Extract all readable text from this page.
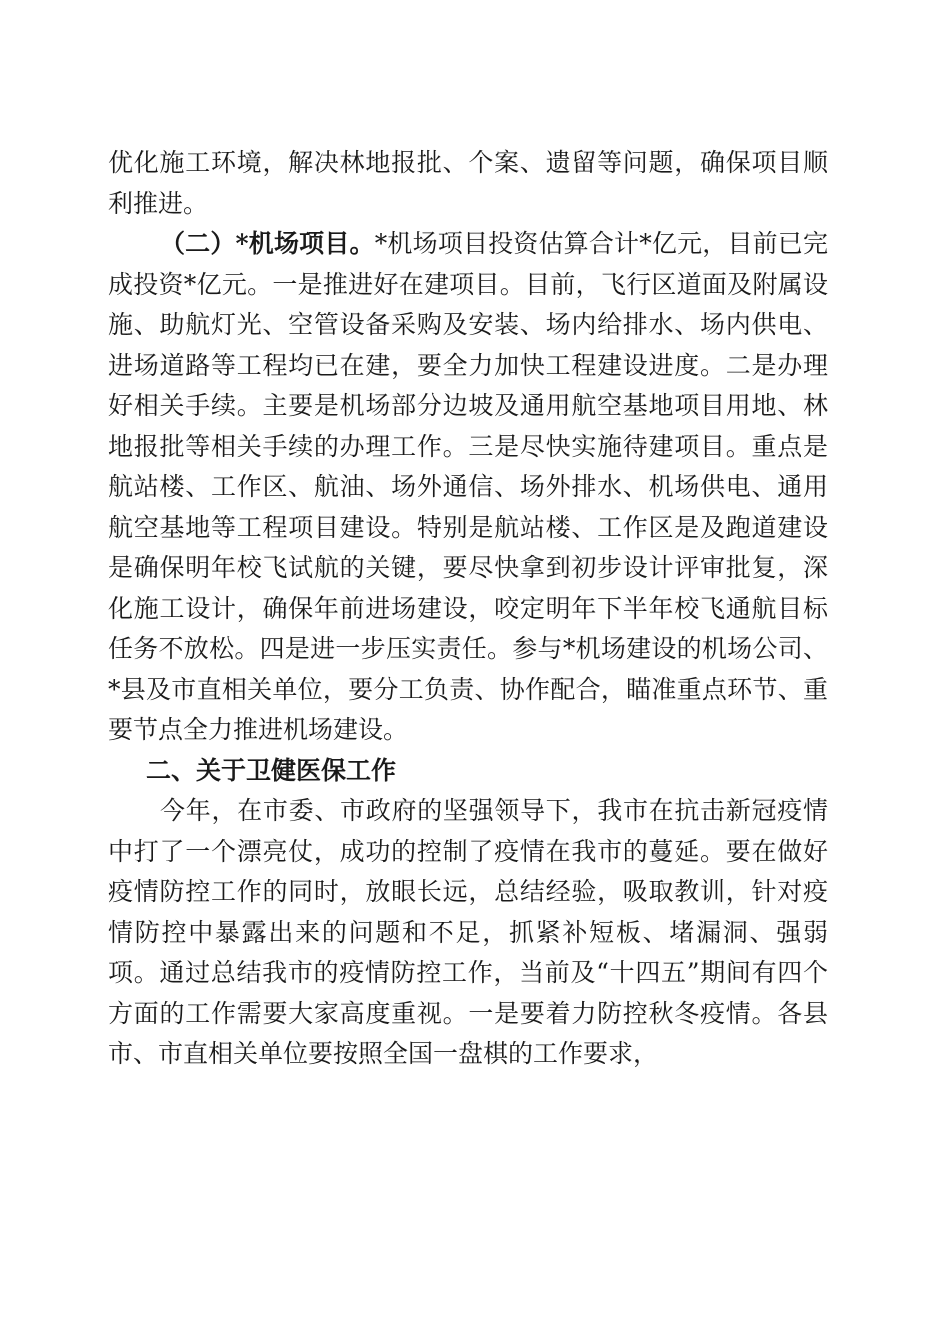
优化施工环境，解决林地报批、个案、遗留等问题，确保项目顺利推进。

（二）*机场项目。*机场项目投资估算合计*亿元，目前已完成投资*亿元。一是推进好在建项目。目前，飞行区道面及附属设施、助航灯光、空管设备采购及安装、场内给排水、场内供电、进场道路等工程均已在建，要全力加快工程建设进度。二是办理好相关手续。主要是机场部分边坡及通用航空基地项目用地、林地报批等相关手续的办理工作。三是尽快实施待建项目。重点是航站楼、工作区、航油、场外通信、场外排水、机场供电、通用航空基地等工程项目建设。特别是航站楼、工作区是及跑道建设是确保明年校飞试航的关键，要尽快拿到初步设计评审批复，深化施工设计，确保年前进场建设，咬定明年下半年校飞通航目标任务不放松。四是进一步压实责任。参与*机场建设的机场公司、*县及市直相关单位，要分工负责、协作配合，瞄准重点环节、重要节点全力推进机场建设。

二、关于卫健医保工作

今年，在市委、市政府的坚强领导下，我市在抗击新冠疫情中打了一个漂亮仗，成功的控制了疫情在我市的蔓延。要在做好疫情防控工作的同时，放眼长远，总结经验，吸取教训，针对疫情防控中暴露出来的问题和不足，抓紧补短板、堵漏洞、强弱项。通过总结我市的疫情防控工作，当前及“十四五”期间有四个方面的工作需要大家高度重视。一是要着力防控秋冬疫情。各县市、市直相关单位要按照全国一盘棋的工作要求，
